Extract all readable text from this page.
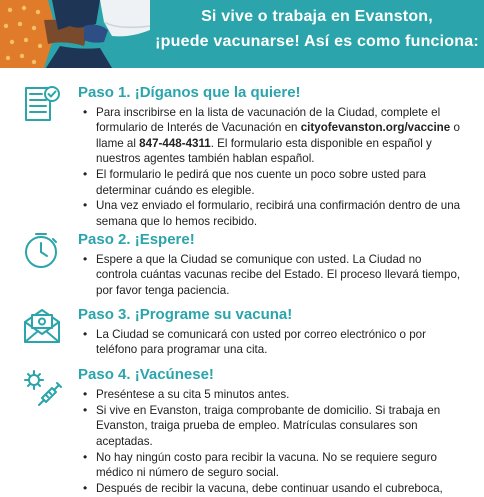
Si vive o trabaja en Evanston,
¡puede vacunarse! Así es como funciona:
Paso 1. ¡Díganos que la quiere!
• Para inscribirse en la lista de vacunación de la Ciudad, complete el formulario de Interés de Vacunación en cityofevanston.org/vaccine o llame al 847-448-4311. El formulario esta disponible en español y nuestros agentes también hablan español.
• El formulario le pedirá que nos cuente un poco sobre usted para determinar cuándo es elegible.
• Una vez enviado el formulario, recibirá una confirmación dentro de una semana que lo hemos recibido.
Paso 2. ¡Espere!
• Espere a que la Ciudad se comunique con usted. La Ciudad no controla cuántas vacunas recibe del Estado. El proceso llevará tiempo, por favor tenga paciencia.
Paso 3. ¡Programe su vacuna!
• La Ciudad se comunicará con usted por correo electrónico o por teléfono para programar una cita.
Paso 4. ¡Vacúnese!
• Preséntese a su cita 5 minutos antes.
• Si vive en Evanston, traiga comprobante de domicilio. Si trabaja en Evanston, traiga prueba de empleo. Matrículas consulares son aceptadas.
• No hay ningún costo para recibir la vacuna. No se requiere seguro médico ni número de seguro social.
• Después de recibir la vacuna, debe continuar usando el cubreboca,
